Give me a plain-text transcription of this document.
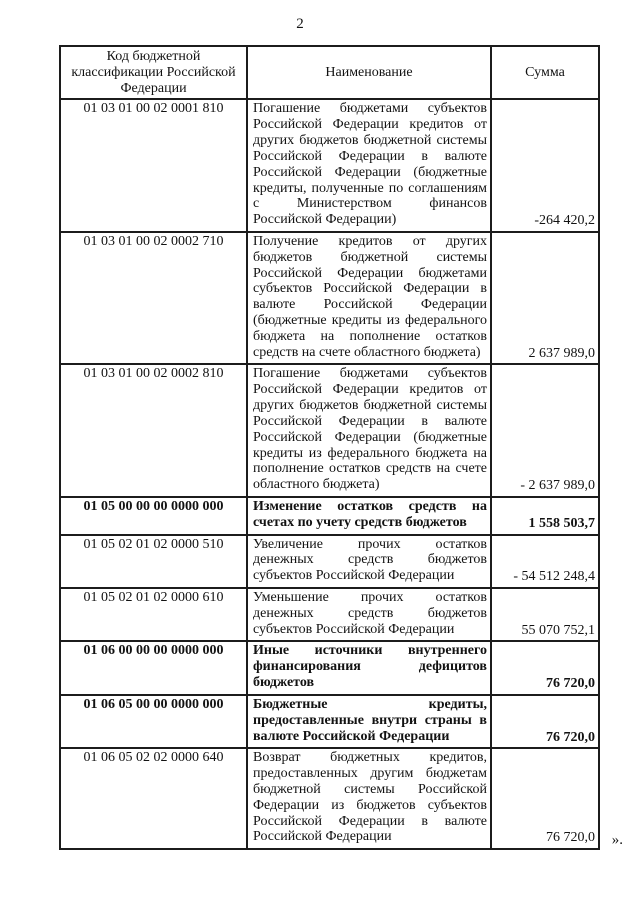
2
Код бюджетной классификации Российской Федерации	Наименование	Сумма
01 03 01 00 02 0001 810	Погашение бюджетами субъектов Российской Федерации кредитов от других бюджетов бюджетной системы Российской Федерации в валюте Российской Федерации (бюджетные кредиты, полученные по соглашениям с Министерством финансов Российской Федерации)	-264 420,2
01 03 01 00 02 0002 710	Получение кредитов от других бюджетов бюджетной системы Российской Федерации бюджетами субъектов Российской Федерации в валюте Российской Федерации (бюджетные кредиты из федерального бюджета на пополнение остатков средств на счете областного бюджета)	2 637 989,0
01 03 01 00 02 0002 810	Погашение бюджетами субъектов Российской Федерации кредитов от других бюджетов бюджетной системы Российской Федерации в валюте Российской Федерации (бюджетные кредиты из федерального бюджета на пополнение остатков средств на счете областного бюджета)	- 2 637 989,0
01 05 00 00 00 0000 000	Изменение остатков средств на счетах по учету средств бюджетов	1 558 503,7
01 05 02 01 02 0000 510	Увеличение прочих остатков денежных средств бюджетов субъектов Российской Федерации	- 54 512 248,4
01 05 02 01 02 0000 610	Уменьшение прочих остатков денежных средств бюджетов субъектов Российской Федерации	55 070 752,1
01 06 00 00 00 0000 000	Иные источники внутреннего финансирования дефицитов бюджетов	76 720,0
01 06 05 00 00 0000 000	Бюджетные кредиты, предоставленные внутри страны в валюте Российской Федерации	76 720,0
01 06 05 02 02 0000 640	Возврат бюджетных кредитов, предоставленных другим бюджетам бюджетной системы Российской Федерации из бюджетов субъектов Российской Федерации в валюте Российской Федерации	76 720,0 ».
